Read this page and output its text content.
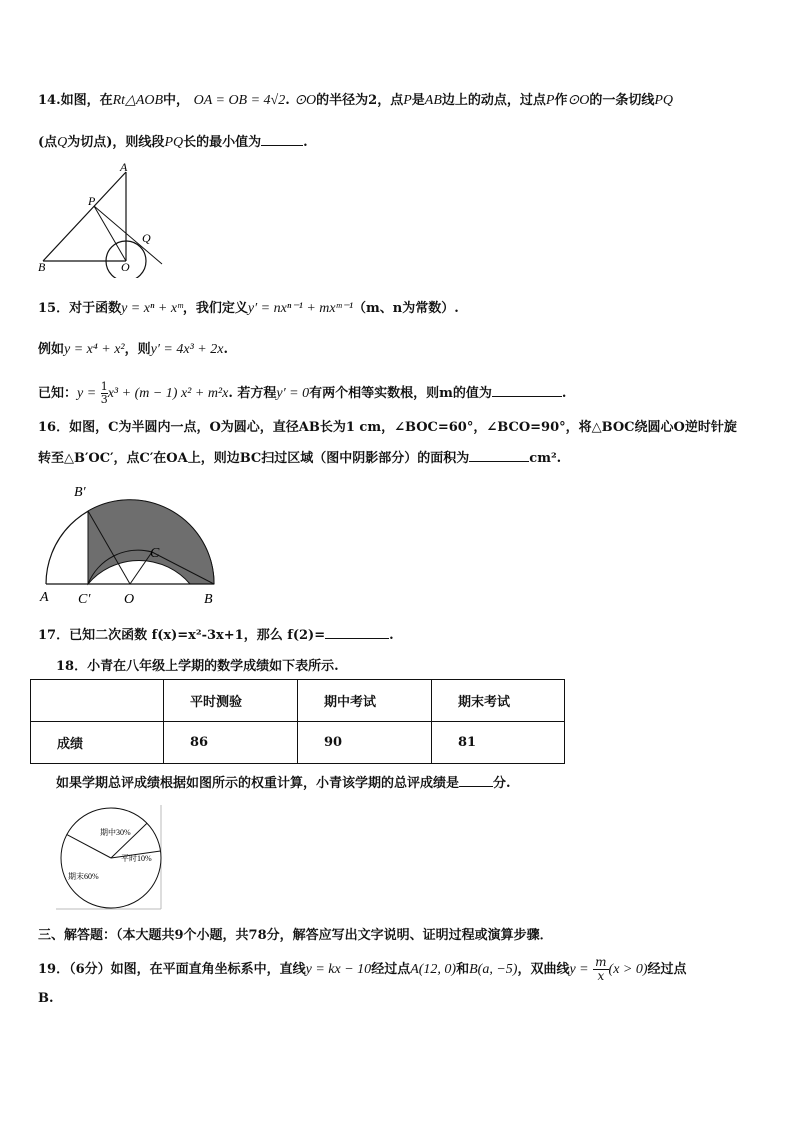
14.如图，在Rt△AOB中， OA = OB = 4√2. ⊙O的半径为2，点P是AB边上的动点，过点P作⊙O的一条切线PQ
(点Q为切点)，则线段PQ长的最小值为	.
A
P
Q
B	O
15．对于函数y = xⁿ + xᵐ，我们定义y′ = nxⁿ⁻¹ + mxᵐ⁻¹（m、n为常数）.
例如y = x⁴ + x²，则y′ = 4x³ + 2x.
已知：$y = \frac{1}{3} x^3 + (m - 1) x^2 + m^2x$. 若方程y′ = 0有两个相等实数根，则m的值为	.
16．如图，C为半圆内一点，O为圆心，直径AB长为1 cm，∠BOC=60°，∠BCO=90°，将△BOC绕圆心O逆时针旋
转至△B′OC′，点C′在OA上，则边BC扫过区域（图中阴影部分）的面积为	cm².
B′
C
A C′ O	B
17．已知二次函数 f(x)=x²-3x+1，那么 f(2)=	.
18．小青在八年级上学期的数学成绩如下表所示.
	平时测验	期中考试	期末考试
成绩	86	90	81
如果学期总评成绩根据如图所示的权重计算，小青该学期的总评成绩是	分.
期中30%
平时10%
期末60%
三、解答题：（本大题共9个小题，共78分，解答应写出文字说明、证明过程或演算步骤．
19．（6分）如图，在平面直角坐标系中，直线y = kx − 10经过点A(12, 0)和B(a, −5)，双曲线$y = \frac{m}{x} (x > 0)$经过点
B.
